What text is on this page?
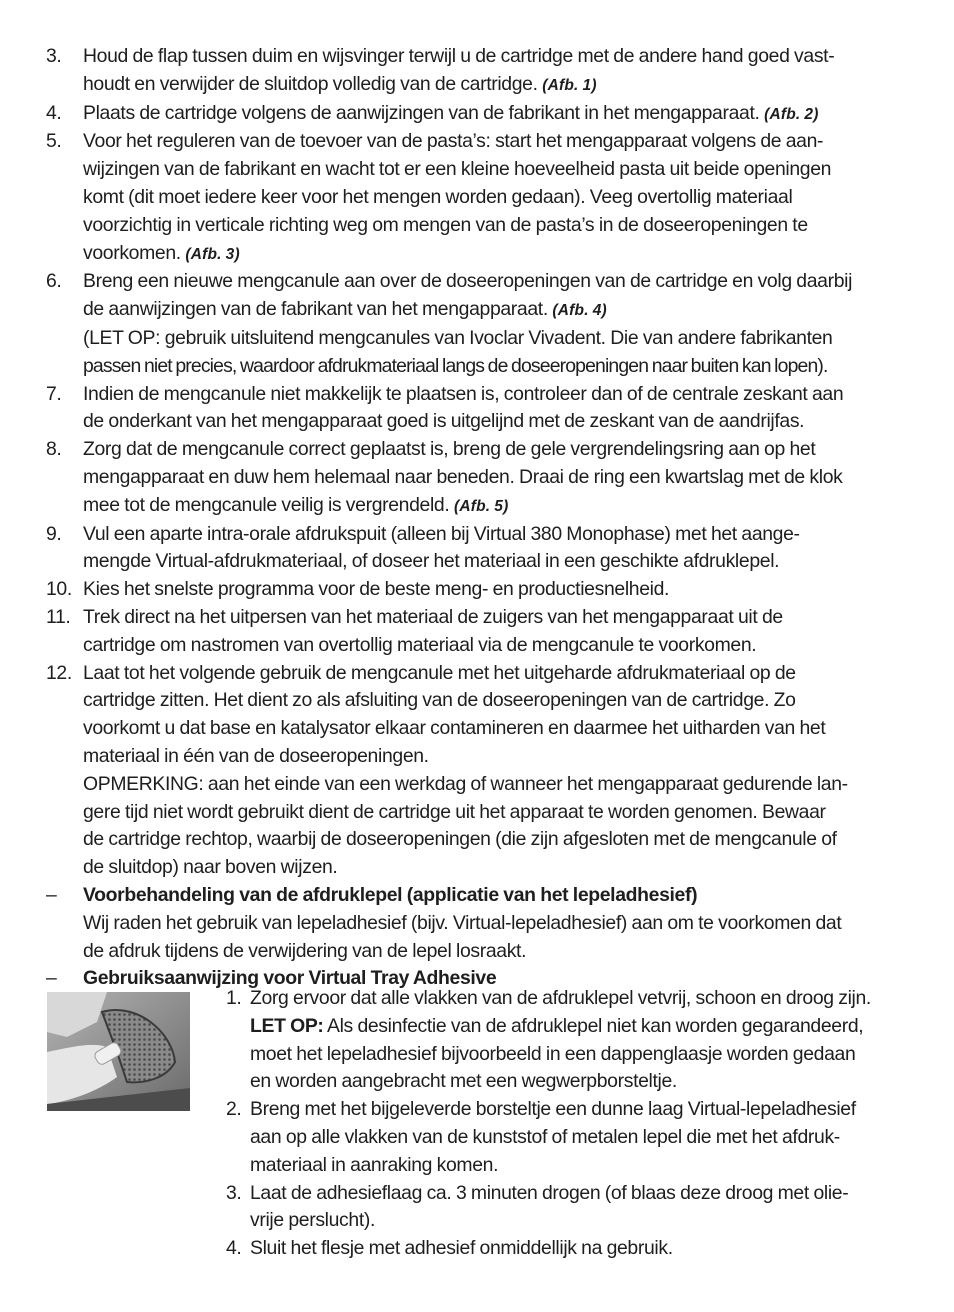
3. Houd de flap tussen duim en wijsvinger terwijl u de cartridge met de andere hand goed vast-
houdt en verwijder de sluitdop volledig van de cartridge. (Afb. 1)
4. Plaats de cartridge volgens de aanwijzingen van de fabrikant in het mengapparaat. (Afb. 2)
5. Voor het reguleren van de toevoer van de pasta’s: start het mengapparaat volgens de aan-
wijzingen van de fabrikant en wacht tot er een kleine hoeveelheid pasta uit beide openingen
komt (dit moet iedere keer voor het mengen worden gedaan). Veeg overtollig materiaal
voorzichtig in verticale richting weg om mengen van de pasta’s in de doseeropeningen te
voorkomen. (Afb. 3)
6. Breng een nieuwe mengcanule aan over de doseeropeningen van de cartridge en volg daarbij
de aanwijzingen van de fabrikant van het mengapparaat. (Afb. 4)
(LET OP: gebruik uitsluitend mengcanules van Ivoclar Vivadent. Die van andere fabrikanten
passen niet precies, waardoor afdrukmateriaal langs de doseeropeningen naar buiten kan lopen).
7. Indien de mengcanule niet makkelijk te plaatsen is, controleer dan of de centrale zeskant aan
de onderkant van het mengapparaat goed is uitgelijnd met de zeskant van de aandrijfas.
8. Zorg dat de mengcanule correct geplaatst is, breng de gele vergrendelingsring aan op het
mengapparaat en duw hem helemaal naar beneden. Draai de ring een kwartslag met de klok
mee tot de mengcanule veilig is vergrendeld. (Afb. 5)
9. Vul een aparte intra-orale afdrukspuit (alleen bij Virtual 380 Monophase) met het aange-
mengde Virtual-afdrukmateriaal, of doseer het materiaal in een geschikte afdruklepel.
10. Kies het snelste programma voor de beste meng- en productiesnelheid.
11. Trek direct na het uitpersen van het materiaal de zuigers van het mengapparaat uit de
cartridge om nastromen van overtollig materiaal via de mengcanule te voorkomen.
12. Laat tot het volgende gebruik de mengcanule met het uitgeharde afdrukmateriaal op de
cartridge zitten. Het dient zo als afsluiting van de doseeropeningen van de cartridge. Zo
voorkomt u dat base en katalysator elkaar contamineren en daarmee het uitharden van het
materiaal in één van de doseeropeningen.
OPMERKING: aan het einde van een werkdag of wanneer het mengapparaat gedurende lan-
gere tijd niet wordt gebruikt dient de cartridge uit het apparaat te worden genomen. Bewaar
de cartridge rechtop, waarbij de doseeropeningen (die zijn afgesloten met de mengcanule of
de sluitdop) naar boven wijzen.
– Voorbehandeling van de afdruklepel (applicatie van het lepeladhesief)
Wij raden het gebruik van lepeladhesief (bijv. Virtual-lepeladhesief) aan om te voorkomen dat
de afdruk tijdens de verwijdering van de lepel losraakt.
– Gebruiksaanwijzing voor Virtual Tray Adhesive
1. Zorg ervoor dat alle vlakken van de afdruklepel vetvrij, schoon en droog zijn.
LET OP: Als desinfectie van de afdruklepel niet kan worden gegarandeerd,
moet het lepeladhesief bijvoorbeeld in een dappenglaasje worden gedaan
en worden aangebracht met een wegwerpborsteltje.
2. Breng met het bijgeleverde borsteltje een dunne laag Virtual-lepeladhesief
aan op alle vlakken van de kunststof of metalen lepel die met het afdruk-
materiaal in aanraking komen.
3. Laat de adhesieflaag ca. 3 minuten drogen (of blaas deze droog met olie-
vrije perslucht).
4. Sluit het flesje met adhesief onmiddellijk na gebruik.
